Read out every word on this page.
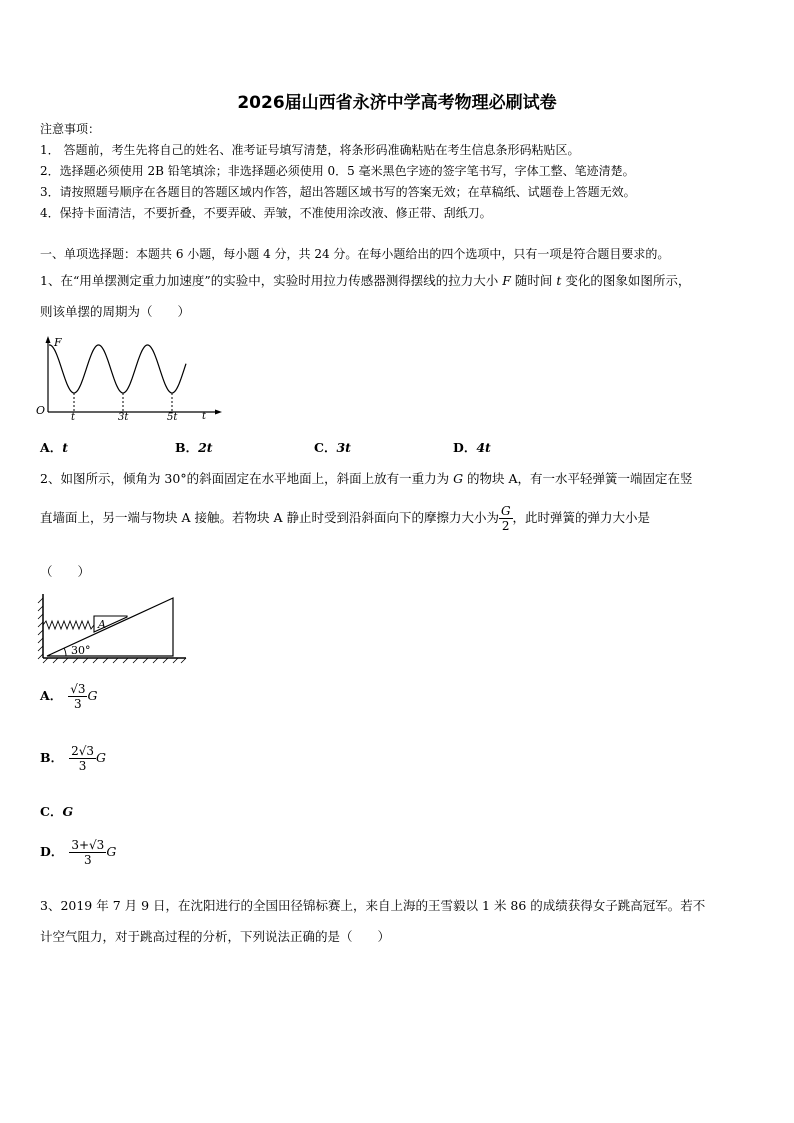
2026届山西省永济中学高考物理必刷试卷
注意事项：
1． 答题前，考生先将自己的姓名、准考证号填写清楚，将条形码准确粘贴在考生信息条形码粘贴区。
2．选择题必须使用 2B 铅笔填涂；非选择题必须使用 0．5 毫米黑色字迹的签字笔书写，字体工整、笔迹清楚。
3．请按照题号顺序在各题目的答题区域内作答，超出答题区域书写的答案无效；在草稿纸、试题卷上答题无效。
4．保持卡面清洁，不要折叠，不要弄破、弄皱，不准使用涂改液、修正带、刮纸刀。
一、单项选择题：本题共 6 小题，每小题 4 分，共 24 分。在每小题给出的四个选项中，只有一项是符合题目要求的。
1、在“用单摆测定重力加速度”的实验中，实验时用拉力传感器测得摆线的拉力大小 F 随时间 t 变化的图象如图所示，
则该单摆的周期为（　　）
F
O	t
t	3t	5t
A．t	B．2t	C．3t	D．4t
2、如图所示，倾角为 30°的斜面固定在水平地面上，斜面上放有一重力为 G 的物块 A，有一水平轻弹簧一端固定在竖
直墙面上，另一端与物块 A 接触。若物块 A 静止时受到沿斜面向下的摩擦力大小为 $\frac{G}{2}$ ，此时弹簧的弹力大小是
（　　）
A
30°
A． $\frac{√3}{3}$ G
B． $\frac{2√3}{3}$ G
C．G
D． $\frac{3+√3}{3}$ G
3、2019 年 7 月 9 日，在沈阳进行的全国田径锦标赛上，来自上海的王雪毅以 1 米 86 的成绩获得女子跳高冠军。若不
计空气阻力，对于跳高过程的分析，下列说法正确的是（　　）
